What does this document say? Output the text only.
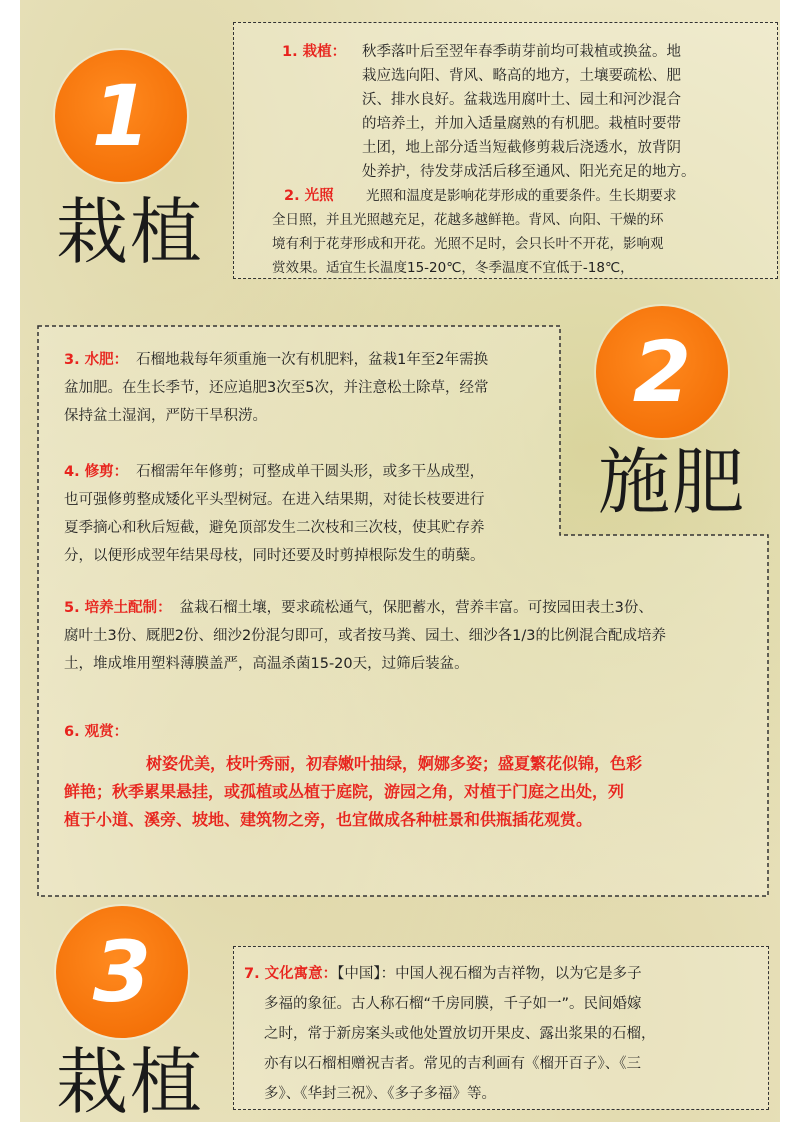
1
栽植
1. 栽植：	秋季落叶后至翌年春季萌芽前均可栽植或换盆。地
栽应选向阳、背风、略高的地方，土壤要疏松、肥
沃、排水良好。盆栽选用腐叶土、园土和河沙混合
的培养土，并加入适量腐熟的有机肥。栽植时要带
土团，地上部分适当短截修剪栽后浇透水，放背阴
处养护，待发芽成活后移至通风、阳光充足的地方。
2. 光照 光照和温度是影响花芽形成的重要条件。生长期要求
全日照，并且光照越充足，花越多越鲜艳。背风、向阳、干燥的环
境有利于花芽形成和开花。光照不足时，会只长叶不开花，影响观
赏效果。适宜生长温度15-20℃，冬季温度不宜低于-18℃，
2
施肥
3. 水肥： 石榴地栽每年须重施一次有机肥料，盆栽1年至2年需换
盆加肥。在生长季节，还应追肥3次至5次，并注意松土除草，经常
保持盆土湿润，严防干旱积涝。
4. 修剪： 石榴需年年修剪；可整成单干圆头形，或多干丛成型，
也可强修剪整成矮化平头型树冠。在进入结果期，对徒长枝要进行
夏季摘心和秋后短截，避免顶部发生二次枝和三次枝，使其贮存养
分，以便形成翌年结果母枝，同时还要及时剪掉根际发生的萌蘖。
5. 培养土配制： 盆栽石榴土壤，要求疏松通气，保肥蓄水，营养丰富。可按园田表土3份、
腐叶土3份、厩肥2份、细沙2份混匀即可，或者按马粪、园土、细沙各1/3的比例混合配成培养
土，堆成堆用塑料薄膜盖严，高温杀菌15-20天，过筛后装盆。
6. 观赏：
树姿优美，枝叶秀丽，初春嫩叶抽绿，婀娜多姿；盛夏繁花似锦，色彩
鲜艳；秋季累果悬挂，或孤植或丛植于庭院，游园之角，对植于门庭之出处，列
植于小道、溪旁、坡地、建筑物之旁，也宜做成各种桩景和供瓶插花观赏。
3
栽植
7. 文化寓意：【中国】：中国人视石榴为吉祥物，以为它是多子
多福的象征。古人称石榴“千房同膜，千子如一”。民间婚嫁
之时，常于新房案头或他处置放切开果皮、露出浆果的石榴，
亦有以石榴相赠祝吉者。常见的吉利画有《榴开百子》、《三
多》、《华封三祝》、《多子多福》等。
